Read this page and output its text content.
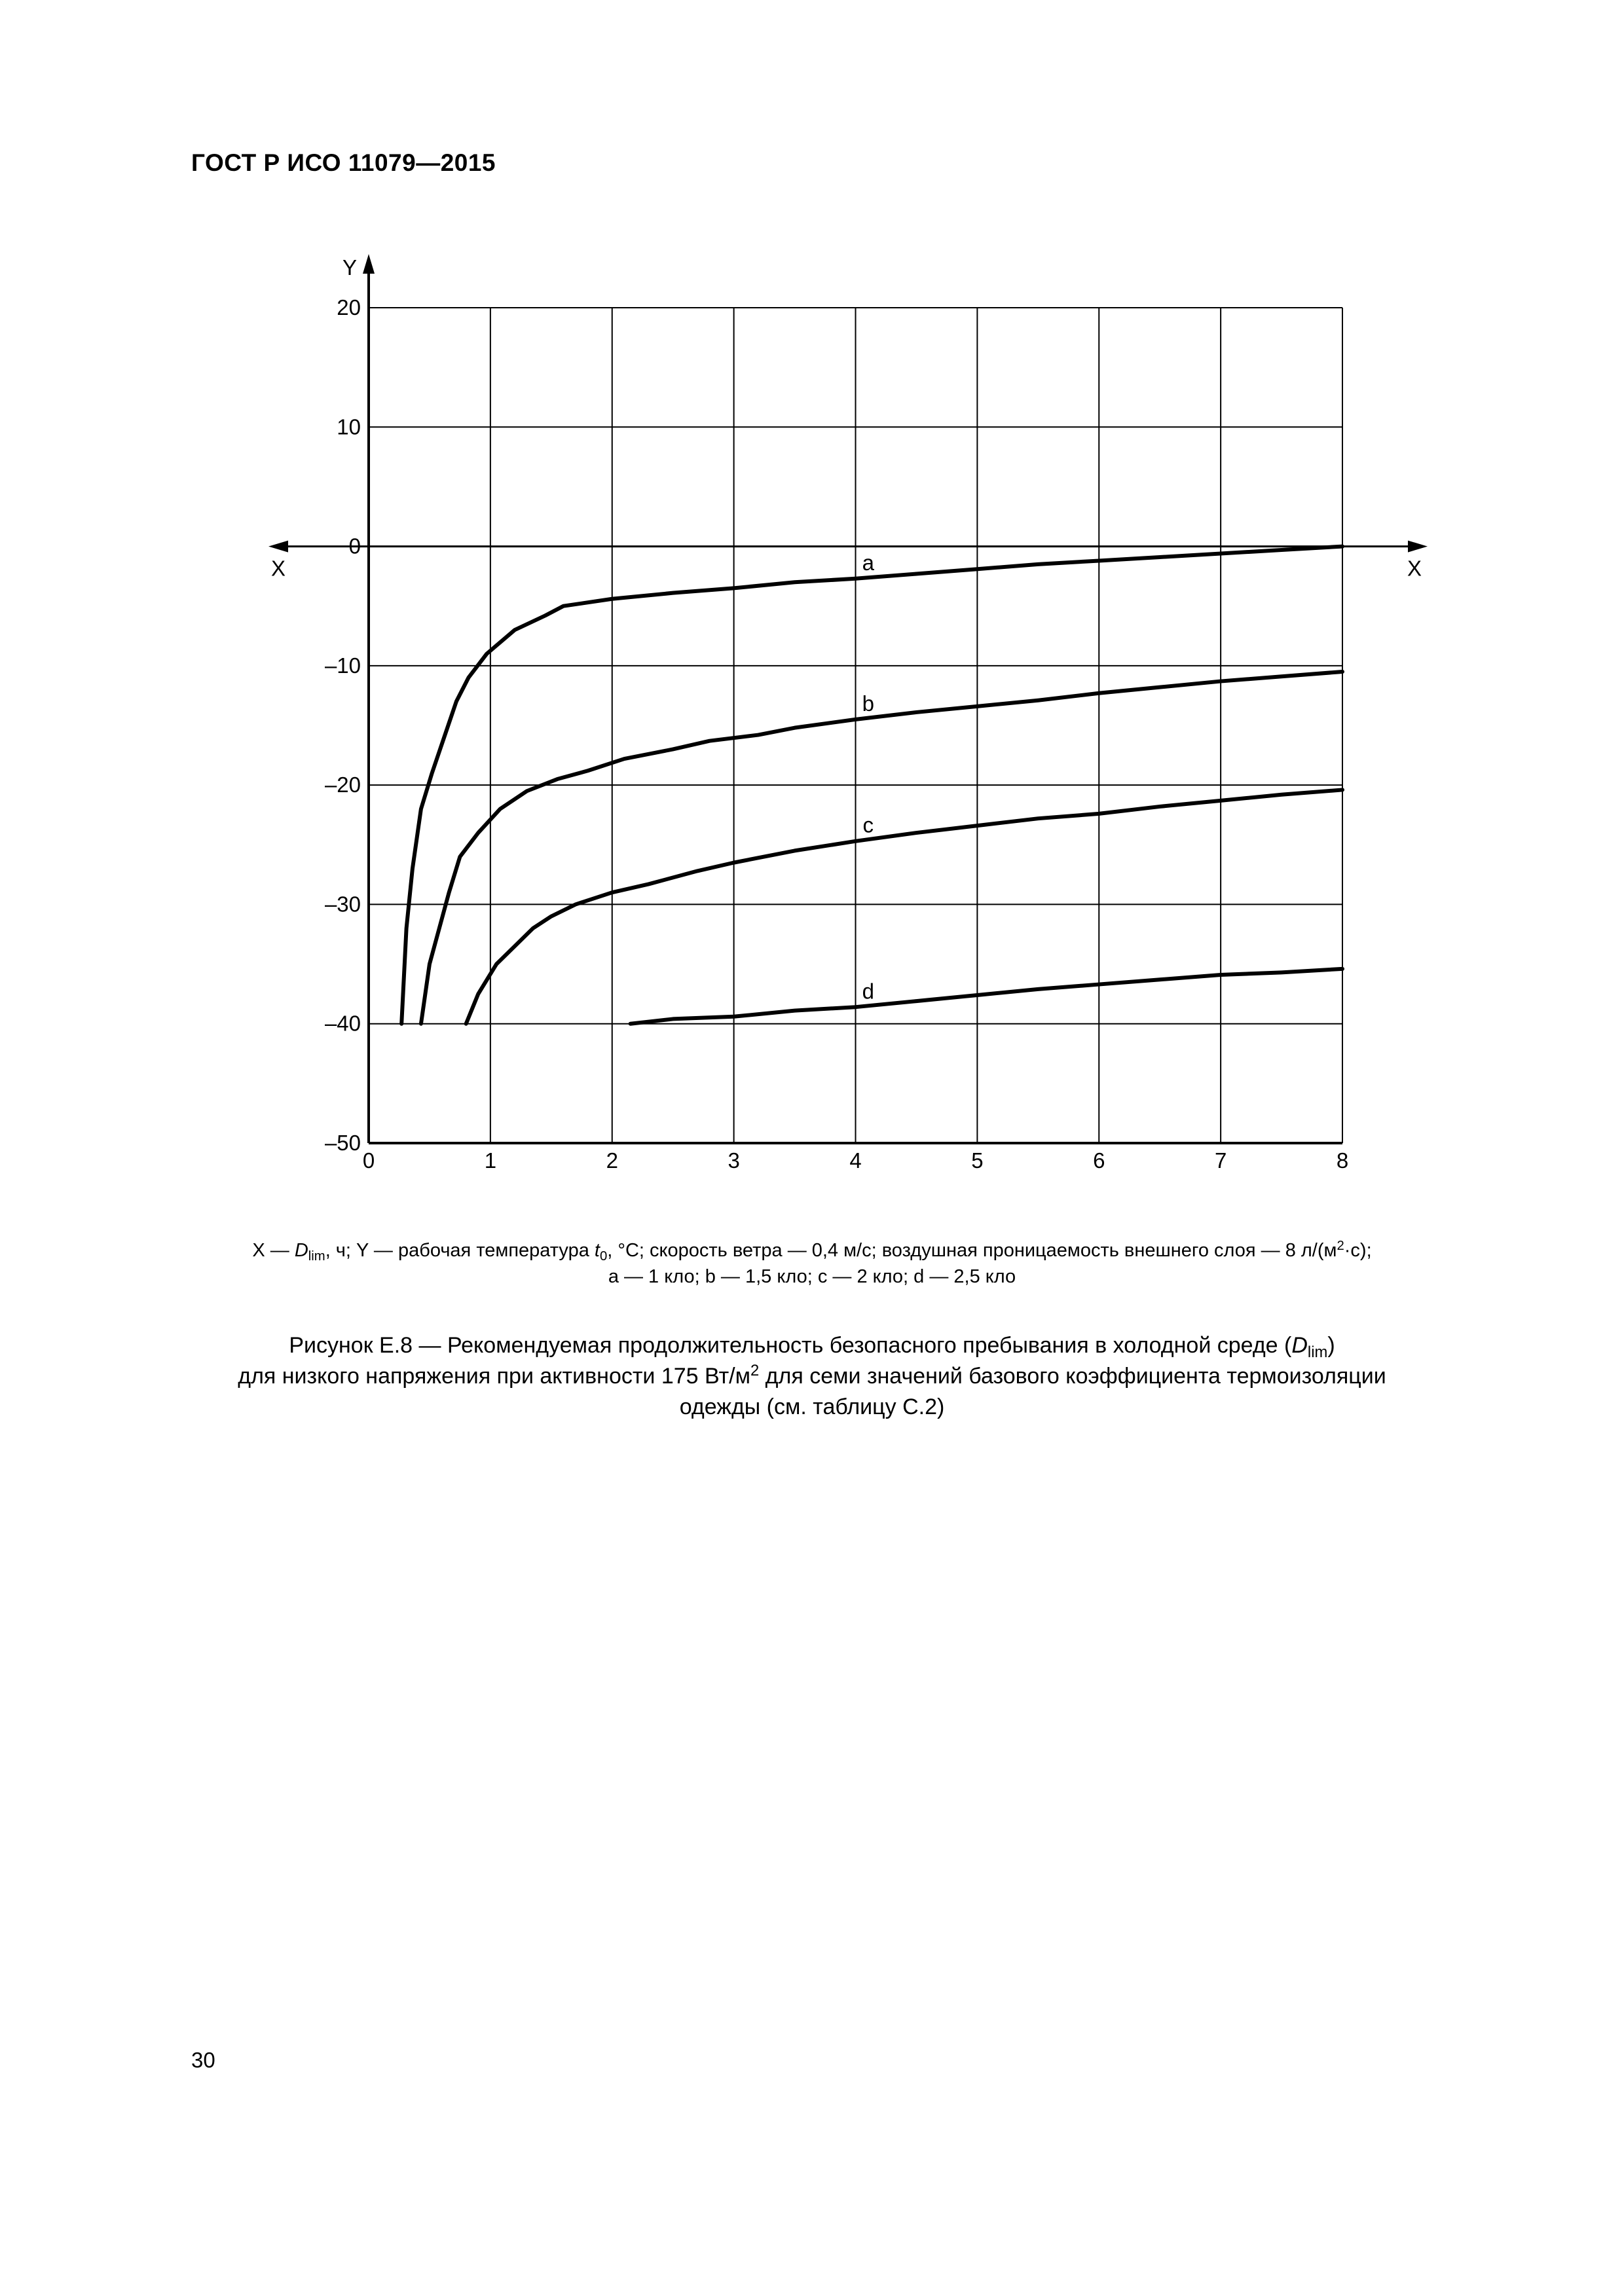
ГОСТ Р ИСО 11079—2015
Y
X	X
0	1	2	3	4	5	6	7	8
20
10
0
–10
–20
–30
–40
–50
a
b
c
d
X — $D_{lim}$, ч; Y — рабочая температура $t_0$, °С; скорость ветра — 0,4 м/с; воздушная проницаемость внешнего слоя — 8 $л/(м^2\cdot с)$;
a — 1 кло; b — 1,5 кло; c — 2 кло; d — 2,5 кло
Рисунок Е.8 — Рекомендуемая продолжительность безопасного пребывания в холодной среде $(D_{lim})$
для низкого напряжения при активности 175 $Вт/м^2$ для семи значений базового коэффициента термоизоляции
одежды (см. таблицу С.2)
30
